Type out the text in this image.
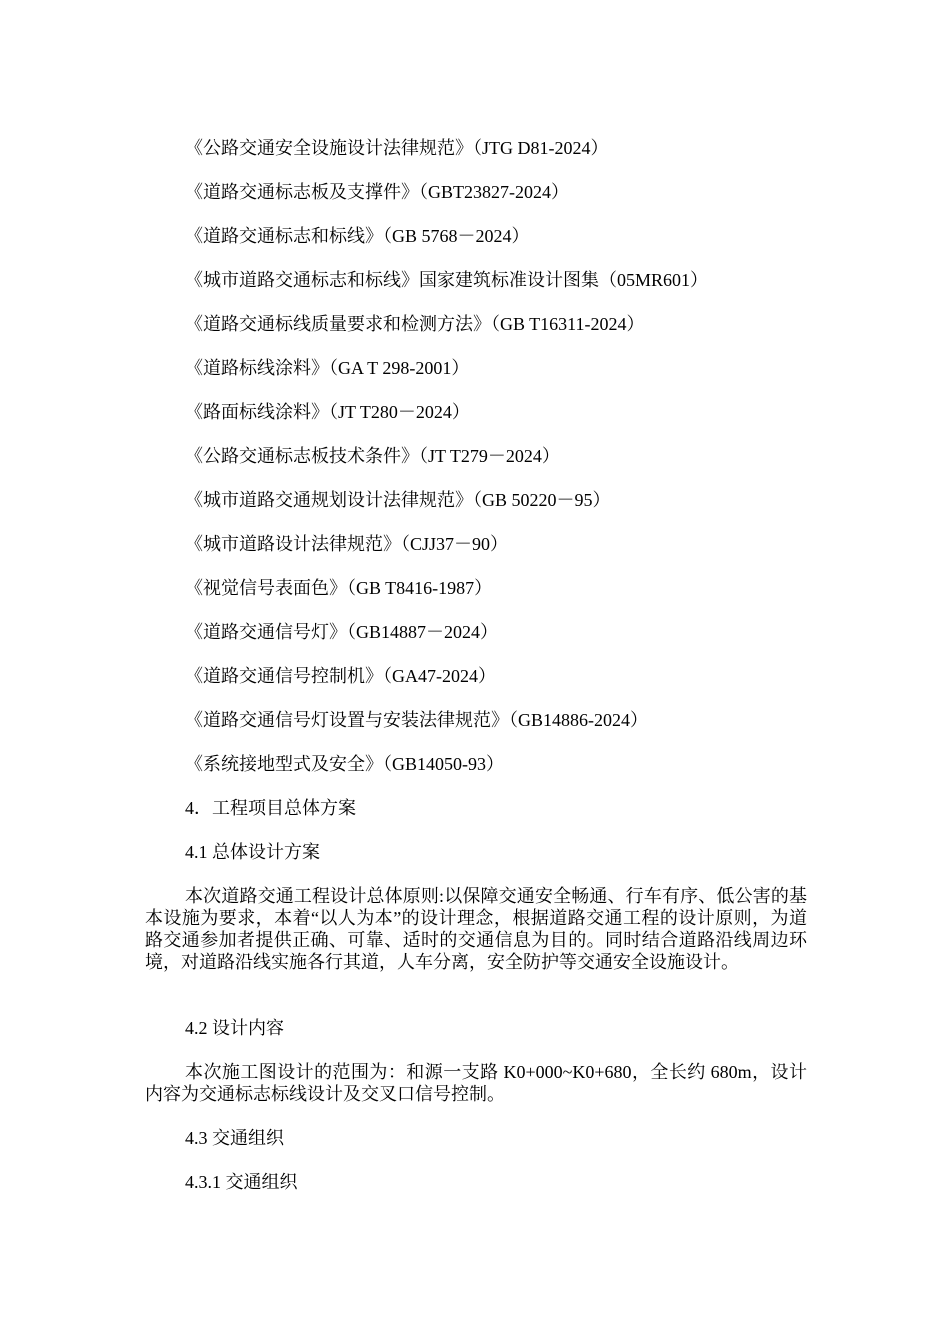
《公路交通安全设施设计法律规范》（JTG D81-2024）
《道路交通标志板及支撑件》（GBT23827-2024）
《道路交通标志和标线》（GB 5768－2024）
《城市道路交通标志和标线》国家建筑标准设计图集（05MR601）
《道路交通标线质量要求和检测方法》（GB T16311-2024）
《道路标线涂料》（GA T 298-2001）
《路面标线涂料》（JT T280－2024）
《公路交通标志板技术条件》（JT T279－2024）
《城市道路交通规划设计法律规范》（GB 50220－95）
《城市道路设计法律规范》（CJJ37－90）
《视觉信号表面色》（GB T8416-1987）
《道路交通信号灯》（GB14887－2024）
《道路交通信号控制机》（GA47-2024）
《道路交通信号灯设置与安装法律规范》（GB14886-2024）
《系统接地型式及安全》（GB14050-93）
4．工程项目总体方案
4.1 总体设计方案
本次道路交通工程设计总体原则:以保障交通安全畅通、行车有序、低公害的基本设施为要求，本着“以人为本”的设计理念，根据道路交通工程的设计原则，为道路交通参加者提供正确、可靠、适时的交通信息为目的。同时结合道路沿线周边环境，对道路沿线实施各行其道，人车分离，安全防护等交通安全设施设计。
4.2 设计内容
本次施工图设计的范围为：和源一支路 K0+000~K0+680，全长约 680m，设计内容为交通标志标线设计及交叉口信号控制。
4.3 交通组织
4.3.1 交通组织
